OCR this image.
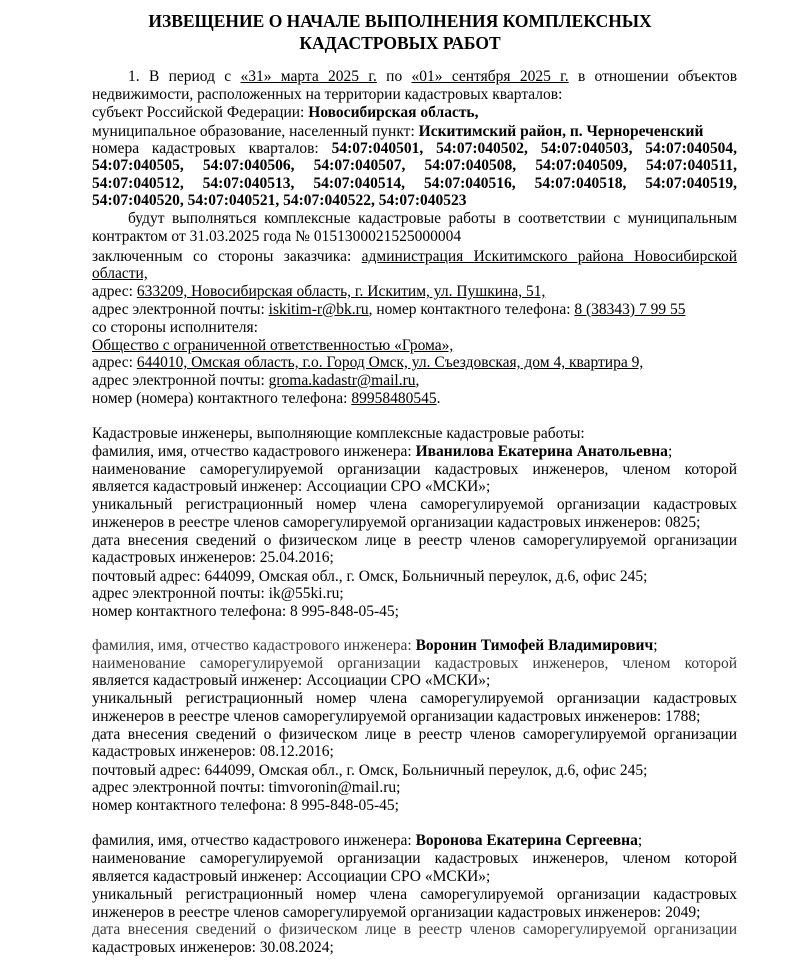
ИЗВЕЩЕНИЕ О НАЧАЛЕ ВЫПОЛНЕНИЯ КОМПЛЕКСНЫХ
КАДАСТРОВЫХ РАБОТ
1. В период с «31» марта 2025 г. по «01» сентября 2025 г. в отношении объектов
недвижимости, расположенных на территории кадастровых кварталов:
субъект Российской Федерации: Новосибирская область,
муниципальное образование, населенный пункт: Искитимский район, п. Чернореченский
номера кадастровых кварталов: 54:07:040501, 54:07:040502, 54:07:040503, 54:07:040504,
54:07:040505, 54:07:040506, 54:07:040507, 54:07:040508, 54:07:040509, 54:07:040511,
54:07:040512, 54:07:040513, 54:07:040514, 54:07:040516, 54:07:040518, 54:07:040519,
54:07:040520, 54:07:040521, 54:07:040522, 54:07:040523
будут выполняться комплексные кадастровые работы в соответствии с муниципальным
контрактом от 31.03.2025 года № 0151300021525000004
заключенным со стороны заказчика: администрация Искитимского района Новосибирской
области,
адрес: 633209, Новосибирская область, г. Искитим, ул. Пушкина, 51,
адрес электронной почты: iskitim-r@bk.ru, номер контактного телефона: 8 (38343) 7 99 55
со стороны исполнителя:
Общество с ограниченной ответственностью «Грома»,
адрес: 644010, Омская область, г.о. Город Омск, ул. Съездовская, дом 4, квартира 9,
адрес электронной почты: groma.kadastr@mail.ru,
номер (номера) контактного телефона: 89958480545.
Кадастровые инженеры, выполняющие комплексные кадастровые работы:
фамилия, имя, отчество кадастрового инженера: Иванилова Екатерина Анатольевна;
наименование саморегулируемой организации кадастровых инженеров, членом которой
является кадастровый инженер: Ассоциации СРО «МСКИ»;
уникальный регистрационный номер члена саморегулируемой организации кадастровых
инженеров в реестре членов саморегулируемой организации кадастровых инженеров: 0825;
дата внесения сведений о физическом лице в реестр членов саморегулируемой организации
кадастровых инженеров: 25.04.2016;
почтовый адрес: 644099, Омская обл., г. Омск, Больничный переулок, д.6, офис 245;
адрес электронной почты: ik@55ki.ru;
номер контактного телефона: 8 995-848-05-45;
фамилия, имя, отчество кадастрового инженера: Воронин Тимофей Владимирович;
наименование саморегулируемой организации кадастровых инженеров, членом которой
является кадастровый инженер: Ассоциации СРО «МСКИ»;
уникальный регистрационный номер члена саморегулируемой организации кадастровых
инженеров в реестре членов саморегулируемой организации кадастровых инженеров: 1788;
дата внесения сведений о физическом лице в реестр членов саморегулируемой организации
кадастровых инженеров: 08.12.2016;
почтовый адрес: 644099, Омская обл., г. Омск, Больничный переулок, д.6, офис 245;
адрес электронной почты: timvoronin@mail.ru;
номер контактного телефона: 8 995-848-05-45;
фамилия, имя, отчество кадастрового инженера: Воронова Екатерина Сергеевна;
наименование саморегулируемой организации кадастровых инженеров, членом которой
является кадастровый инженер: Ассоциации СРО «МСКИ»;
уникальный регистрационный номер члена саморегулируемой организации кадастровых
инженеров в реестре членов саморегулируемой организации кадастровых инженеров: 2049;
дата внесения сведений о физическом лице в реестр членов саморегулируемой организации
кадастровых инженеров: 30.08.2024;
